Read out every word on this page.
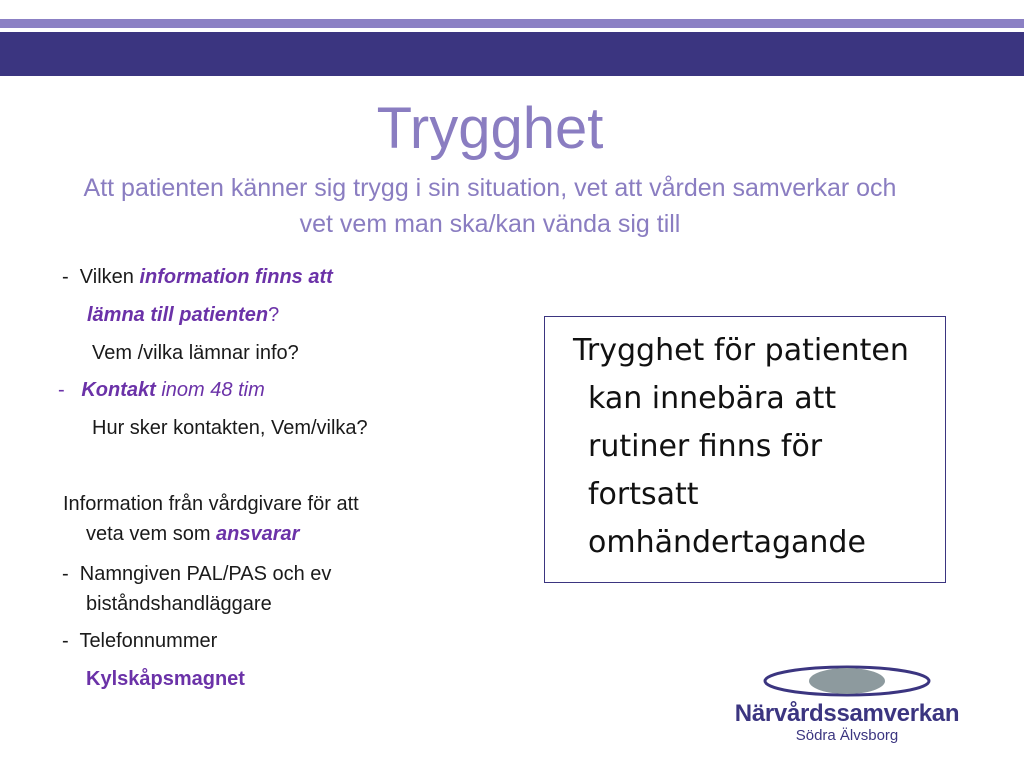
Trygghet
Att patienten känner sig trygg i sin situation, vet att vården samverkar och vet vem man ska/kan vända sig till
- Vilken information finns att
lämna till patienten?
Vem /vilka lämnar info?
- Kontakt inom 48 tim
Hur sker kontakten, Vem/vilka?
Information från vårdgivare för att
veta vem som ansvarar
- Namngiven PAL/PAS och ev
biståndshandläggare
- Telefonnummer
Kylskåpsmagnet
Trygghet för patienten
kan innebära att
rutiner finns för
fortsatt
omhändertagande
Närvårdssamverkan
Södra Älvsborg
